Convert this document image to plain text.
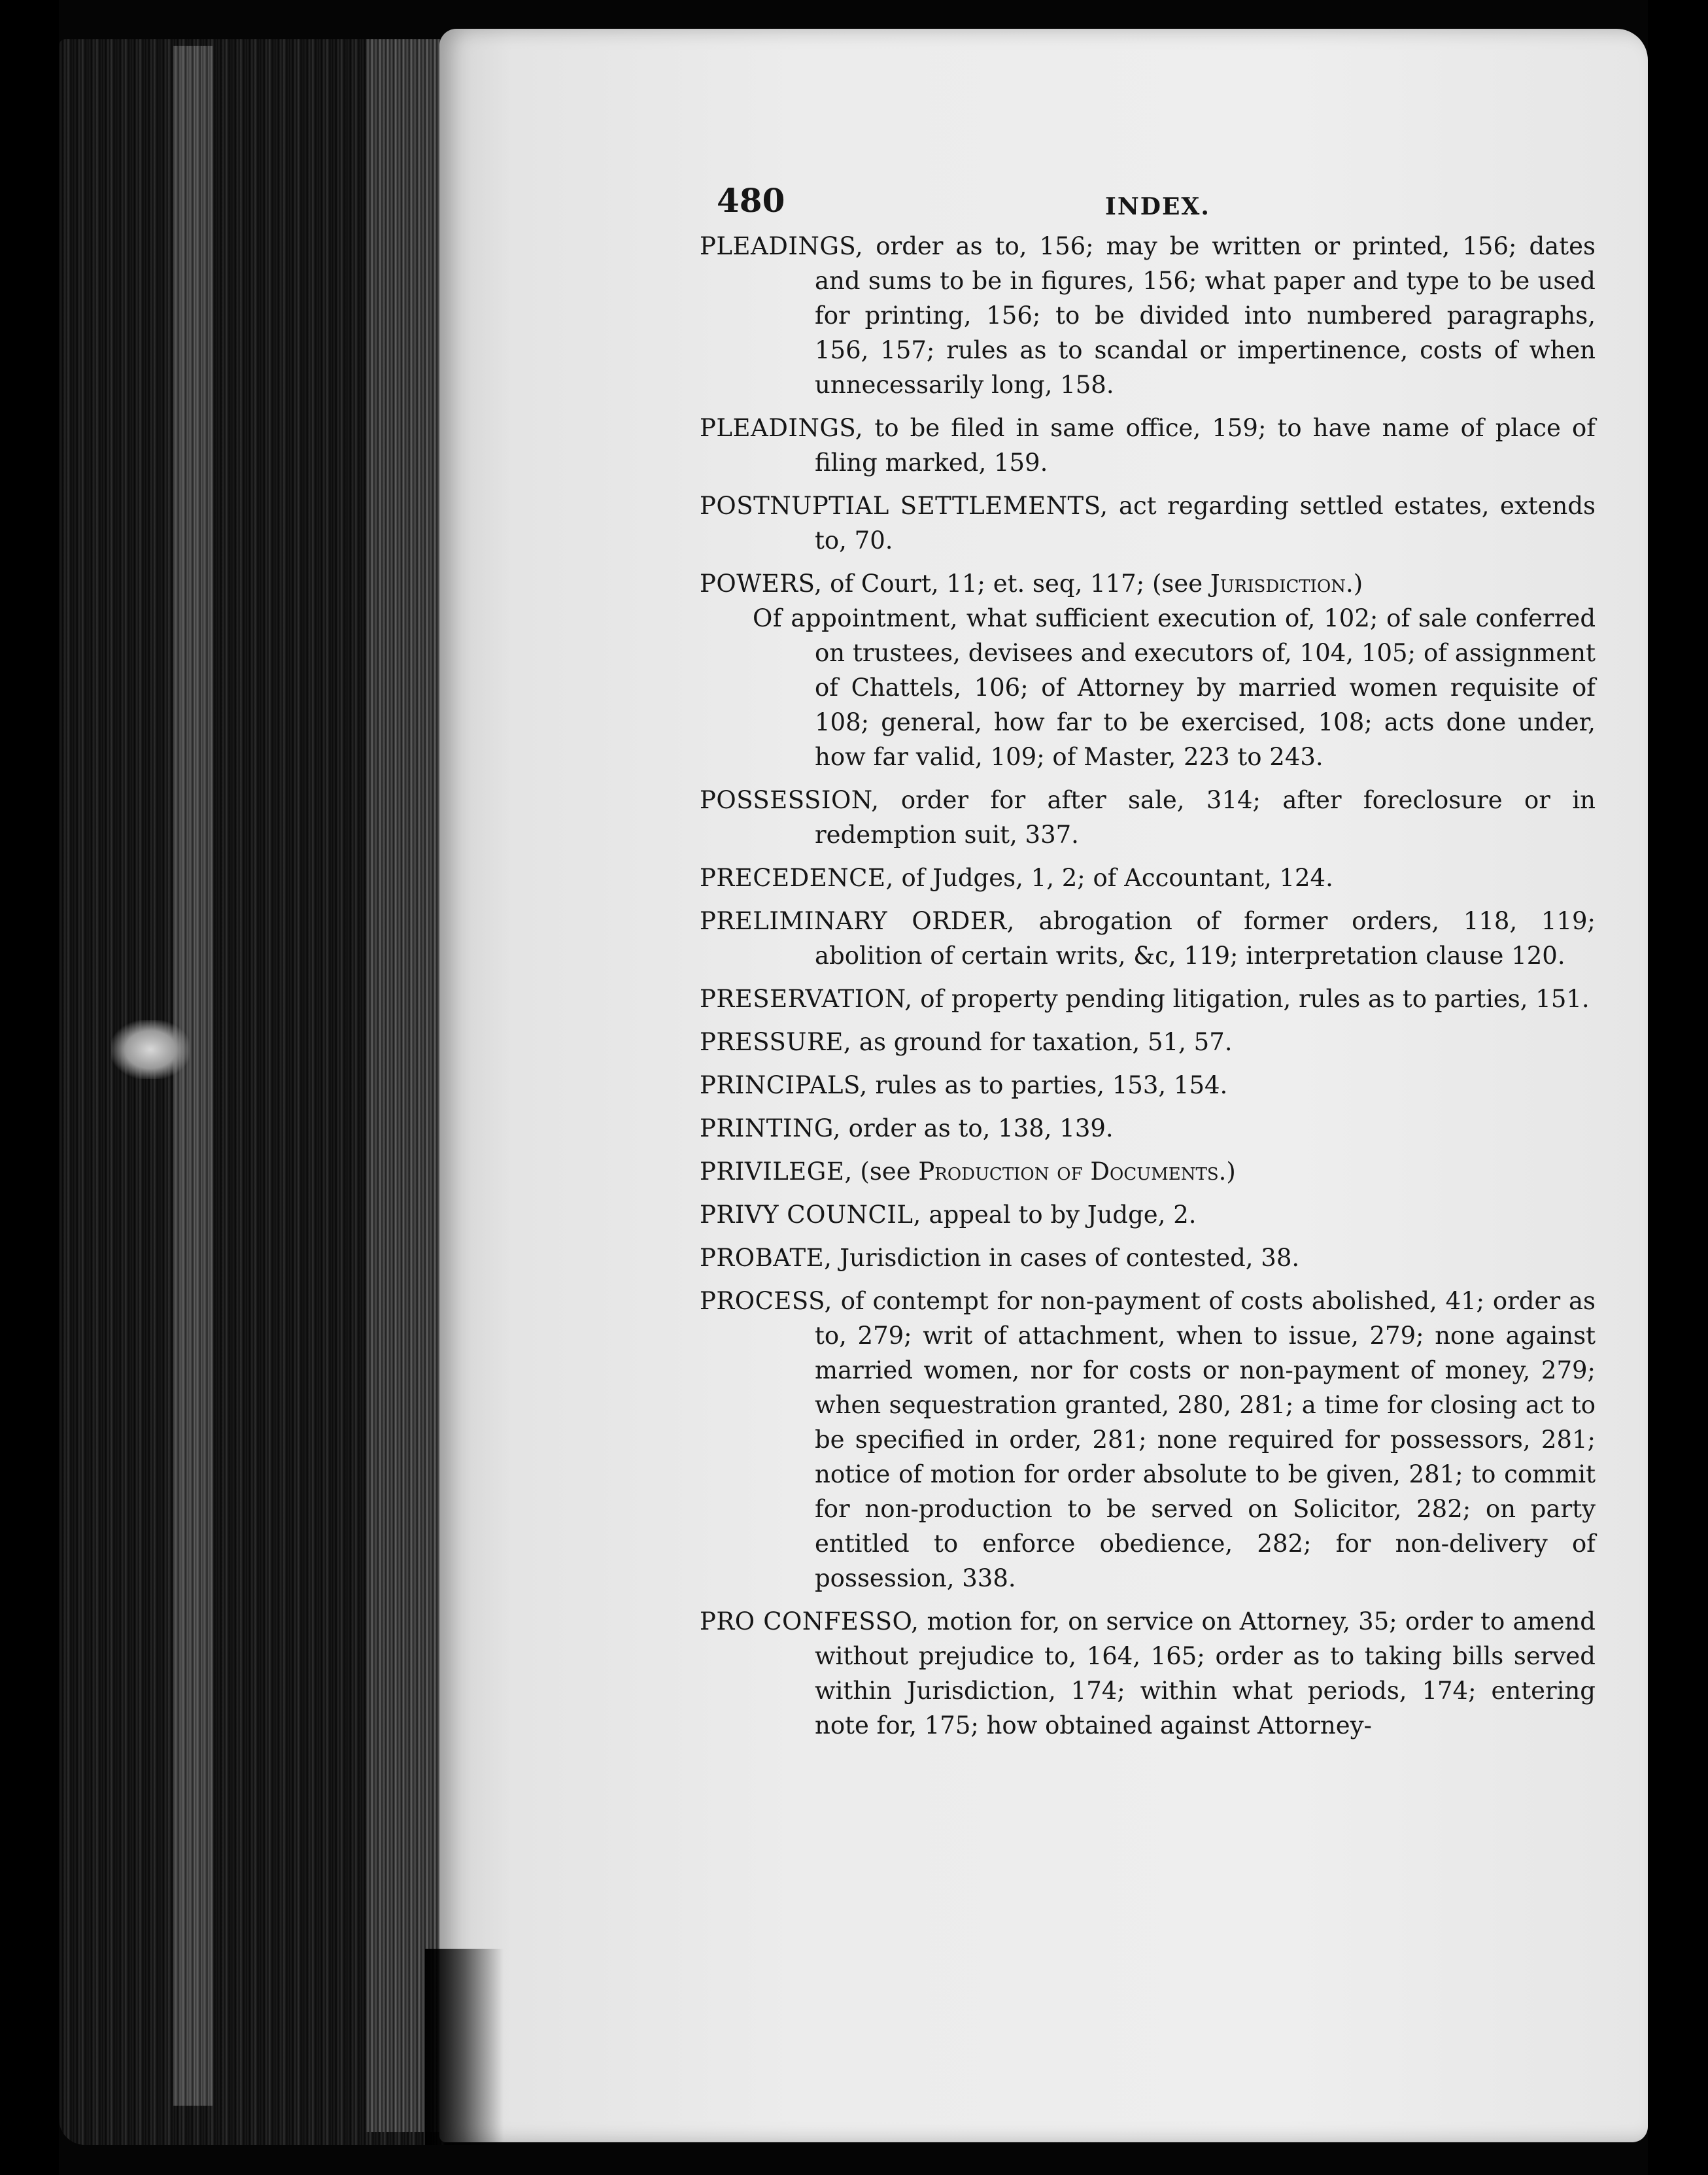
480	INDEX.

PLEADINGS, order as to, 156; may be written or printed, 156; dates and sums to be in figures, 156; what paper and type to be used for printing, 156; to be divided into numbered paragraphs, 156, 157; rules as to scandal or impertinence, costs of when unnecessarily long, 158.

PLEADINGS, to be filed in same office, 159; to have name of place of filing marked, 159.

POSTNUPTIAL SETTLEMENTS, act regarding settled estates, extends to, 70.

POWERS, of Court, 11; et. seq, 117; (see Jurisdiction.)

Of appointment, what sufficient execution of, 102; of sale conferred on trustees, devisees and executors of, 104, 105; of assignment of Chattels, 106; of Attorney by married women requisite of 108; general, how far to be exercised, 108; acts done under, how far valid, 109; of Master, 223 to 243.

POSSESSION, order for after sale, 314; after foreclosure or in redemption suit, 337.

PRECEDENCE, of Judges, 1, 2; of Accountant, 124.

PRELIMINARY ORDER, abrogation of former orders, 118, 119; abolition of certain writs, &c, 119; interpretation clause 120.

PRESERVATION, of property pending litigation, rules as to parties, 151.

PRESSURE, as ground for taxation, 51, 57.

PRINCIPALS, rules as to parties, 153, 154.

PRINTING, order as to, 138, 139.

PRIVILEGE, (see Production of Documents.)

PRIVY COUNCIL, appeal to by Judge, 2.

PROBATE, Jurisdiction in cases of contested, 38.

PROCESS, of contempt for non-payment of costs abolished, 41; order as to, 279; writ of attachment, when to issue, 279; none against married women, nor for costs or non-payment of money, 279; when sequestration granted, 280, 281; a time for closing act to be specified in order, 281; none required for possessors, 281; notice of motion for order absolute to be given, 281; to commit for non-production to be served on Solicitor, 282; on party entitled to enforce obedience, 282; for non-delivery of possession, 338.

PRO CONFESSO, motion for, on service on Attorney, 35; order to amend without prejudice to, 164, 165; order as to taking bills served within Jurisdiction, 174; within what periods, 174; entering note for, 175; how obtained against Attorney-
